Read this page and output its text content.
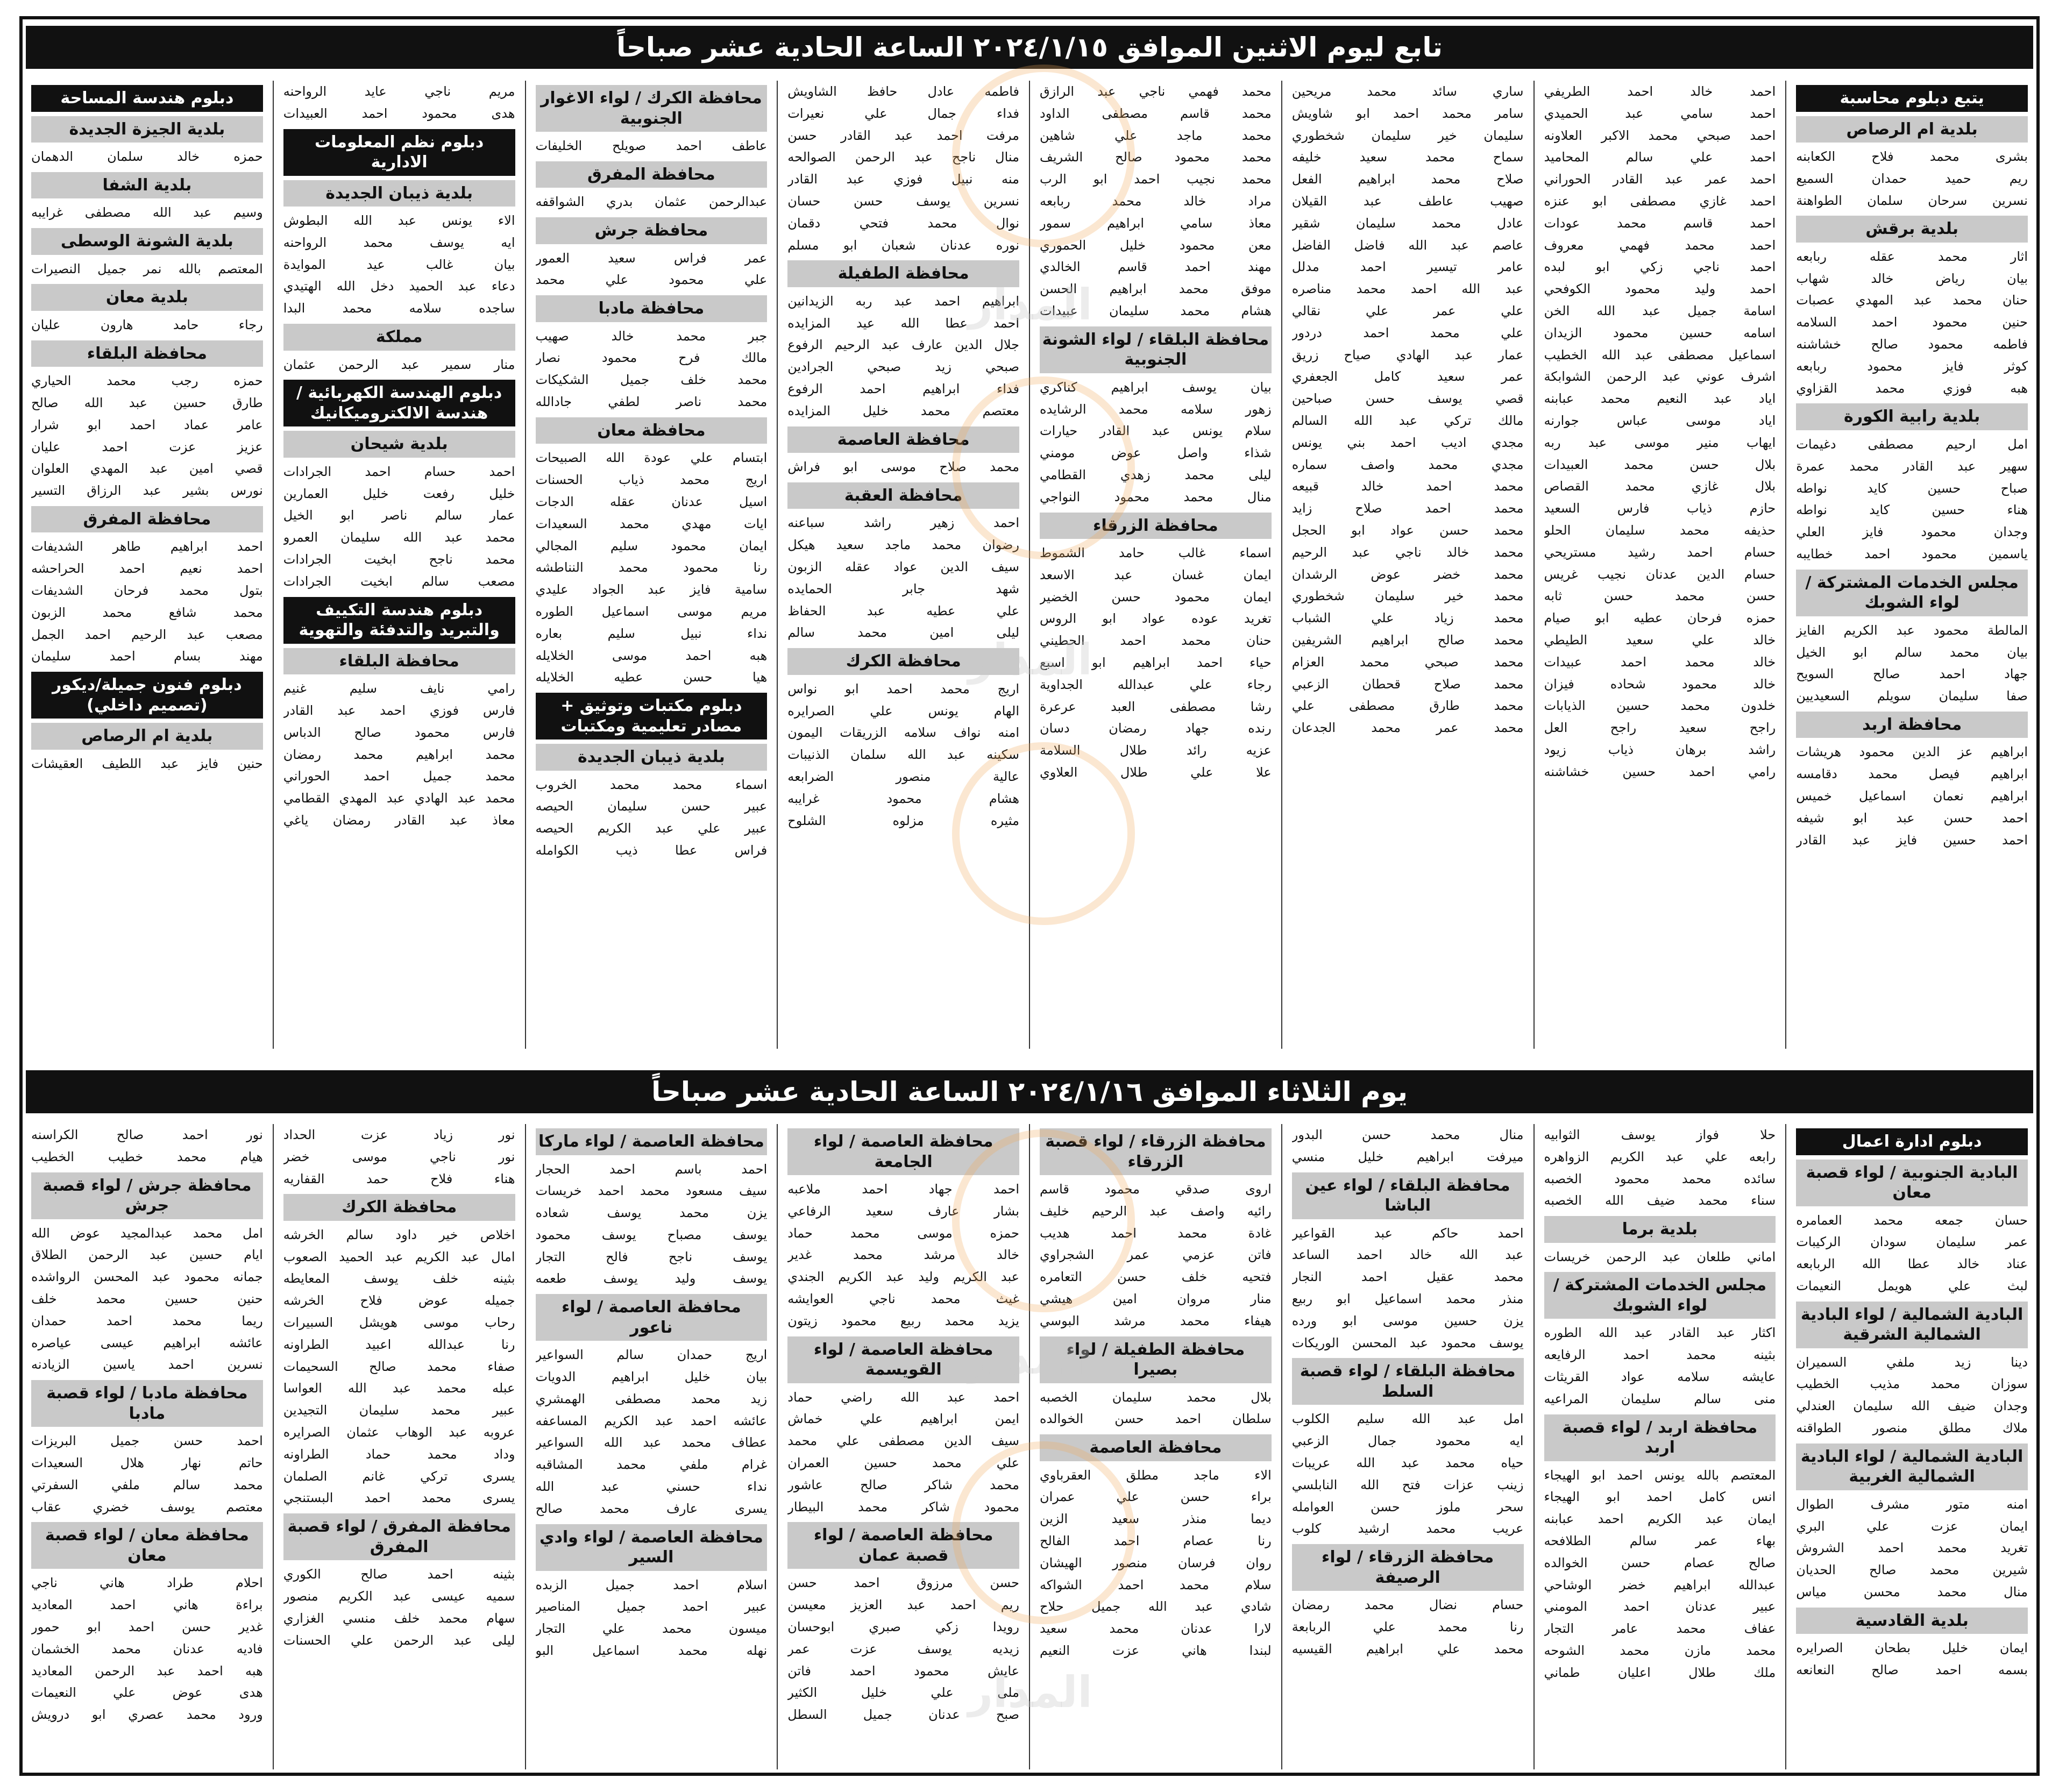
تابع ليوم الاثنين الموافق ٢٠٢٤/١/١٥ الساعة الحادية عشر صباحاً
يوم الثلاثاء الموافق ٢٠٢٤/١/١٦ الساعة الحادية عشر صباحاً
يتبع دبلوم محاسبة
بلدية ام الرصاص
بشرى محمد فلاح الكعابنه
ريم حميد حمدان السميع
نسرين سرحان سلمان الطواهنة
بلدية برقش
اثار محمد عقله ربابعه
بيان رياض خالد شهاب
حنان محمد عبد المهدي عصبات
حنين محمود احمد السلامه
فاطمه محمود صالح خشاشنه
كوثر فايز محمود ربابعه
هبه فوزي محمد القزاوي
بلدية رابية الكورة
امل ارحيم مصطفى دغيمات
سهير عبد القادر محمد عمرة
صباح حسين كايد نواطه
هناء حسين كايد نواطه
وجدان محمود فايز العلي
ياسمين محمود احمد خطايبه
مجلس الخدمات المشتركة / لواء الشوبك
المالطة محمود عبد الكريم الفايز
بيان محمد سالم ابو الخيل
جهاد احمد صالح السويح
صفا سليمان سويلم السعيديين
محافظة اربد
ابراهيم عز الدين محمود هريشات
ابراهيم فيصل محمد دقامسه
ابراهيم نعمان اسماعيل خميس
احمد حسن عبد ابو شيفه
احمد حسين فايز عبد القادر
احمد خالد احمد الطريفي
احمد سامي عبد الحميدي
احمد صبحي محمد الاكبر العلاونه
احمد علي سالم المحاميد
احمد عمر عبد القادر الحوراني
احمد غازي مصطفى ابو عنزه
احمد قاسم محمد عودات
احمد محمد فهمي معروف
احمد ناجي زكي ابو لبده
احمد وليد محمود الكوفحي
اسامة جميل عبد الله الخن
اسامه حسين محمود الزيدان
اسماعيل مصطفى عبد الله الخطيب
اشرف عوني عبد الرحمن الشوابكة
اياد عبد النعيم محمد عبابنه
اياد موسى عباس جوارنه
ايهاب منير موسى عبد ربه
بلال حسن محمد العبيدات
بلال غازي محمد القصاص
حازم ذياب فارس السعيد
حذيفه محمد سليمان الحلو
حسام احمد رشيد مستريحي
حسام الدين عدنان نجيب غريس
حسن محمد حسن ثابه
حمزه فرحان عطيه ابو صيام
خالد علي سعيد الطيطي
خالد محمد احمد عبيدات
خالد محمود شحاده فيزان
خلدون محمد حسين الذيابات
راجح سعيد راجح العل
راشد برهان ذياب زيود
رامي احمد حسين خشاشنه
ساري سائد محمد مريحين
سامر محمد احمد ابو شاويش
سليمان خير سليمان شخطوري
سماح محمد سعيد خليفه
صلاح محمد ابراهيم الفعل
صهيب عاطف عبد القيلان
عادل محمد سليمان شقير
عاصم عبد الله فاضل الفاضل
عامر تيسير احمد مدلل
عبد الله احمد محمد مناصره
علي عمر علي نقالي
علي محمد احمد دردور
عمار عبد الهادي صياح زريق
عمر سعيد كامل الجعفري
قصي يوسف حسن صباحين
مالك تركي عبد الله السالم
مجدي اديب احمد بني يونس
مجدي محمد واصف سماره
محمد احمد خالد قبيعه
محمد احمد صلاح زايد
محمد حسن عواد ابو الحجل
محمد خالد ناجي عبد الرحيم
محمد خضر عوض الرشدان
محمد خير سليمان شخطوري
محمد زياد علي الشباب
محمد صالح ابراهيم الشريفين
محمد صبحي محمد العزام
محمد صلاح قحطان الزعبي
محمد طارق مصطفى علي
محمد عمر محمد الجدعان
محمد فهمي ناجي عبد الرازق
محمد قاسم مصطفى الداود
محمد ماجد علي شاهين
محمد محمود صالح الشريف
محمد نجيب احمد ابو الرب
مراد خالد محمد ربابعه
معاذ سامي ابراهيم سمور
معن محمود خليل الحموري
مهند احمد قاسم الخالدي
موفق محمد ابراهيم الحسن
هشام محمد سليمان عبيدات
محافظة البلقاء / لواء الشونة الجنوبية
بيان يوسف ابراهيم كناكري
زهور سلامه محمد الرشايده
سلام يونس عبد القادر حيارات
شذاء واصل عوض مومني
ليلى محمد زهدي القطامي
منال محمد محمود النواجي
محافظة الزرقاء
اسماء غالب حامد الشموط
ايمان غسان عبد الاسعد
ايمان محمود حسن الخضير
تغريد عوده عواد ابو الروس
حنان محمد احمد الحطيني
حياء احمد ابراهيم ابو اسبع
رجاء علي عبدالله الجداوية
رشا مصطفى العبد عرعرة
رنده جهاد رمضان دسان
عزيه رائد طلال السلامة
علا علي طلال العلاوي
فاطمه عادل حافظ الشاويش
فداء جمال علي نعيرات
مرفت احمد عبد القادر حسن
منال ناجح عبد الرحمن الصوالحه
منه نبيل فوزي عبد القادر
نسرين يوسف حسن حسان
نوال محمد فتحي دقمان
نوره عدنان شعبان ابو مسلم
محافظة الطفيلة
ابراهيم احمد عبد ربه الزيدانين
احمد عطا الله عيد المزايده
جلال الدين عارف عبد الرحيم الرفوع
صبحي زيد صبحي الجرادين
فداء ابراهيم احمد الرفوع
معتصم محمد خليل المزايده
محافظة العاصمة
محمد صلاح موسى ابو فراش
محافظة العقبة
احمد زهير راشد سباعنه
رضوان محمد ماجد سعيد هيكل
سيف الدين عواد عقله الزبون
شهد جابر الحمايده
علي عطيه عبد الحفاظ
ليلى امين محمد سالم
محافظة الكرك
اريج محمد احمد ابو نواس
الهام يونس علي الصرايره
امنه نواف سلامه الزريقات اليمون
سكينه عبد الله سلمان الذنيبات
عالية منصور الضرابعه
هشام محمود غرايبه
مثيره مزلوه الشلوح
محافظة الكرك / لواء الاغوار الجنوبية
عاطف احمد صويلح الخليفات
محافظة المفرق
عبدالرحمن عثمان بدري الشواقفه
محافظة جرش
عمر فراس سعيد العمور
علي محمود علي محمد
محافظة مادبا
جبر محمد خالد صهيب
مالك فرح محمود نصار
محمد خلف جميل الشكيكات
محمد ناصر لطفي جادالله
محافظة معان
ابتسام علي عودة الله الصبيحات
اريج محمد ذياب الحسنات
اسيل عدنان عقله الدجات
ايات مهدي محمد السعيدات
ايمان محمود سليم المجالي
رنا محمود محمد النناطشه
سامية فايز عبد الجواد عليدي
مريم موسى اسماعيل الطوره
نداء نبيل سليم بعاره
هبه احمد موسى الخلايله
هيا حسن عطيه الخلايله
دبلوم مكتبات وتوثيق + مصادر تعليمية ومكتبات
بلدية ذيبان الجديدة
اسماء محمد محمد الخروب
عبير حسن سليمان الحيصه
عبير علي عبد الكريم الحيصه
فراس عطا ذيب الكوامله
مريم ناجي عايد الرواحنه
هدى محمود احمد العبيدات
دبلوم نظم المعلومات الادارية
بلدية ذيبان الجديدة
الاء يونس عبد الله البطوش
ايه يوسف محمد الرواحنه
بيان غالب عيد الموايدة
دعاء عبد الحميد دخل الله الهتيدي
ساجده سلامه محمد البدا
مملكة
منار سمير عبد الرحمن عثمان
دبلوم الهندسة الكهربائية / هندسة الالكتروميكانيك
بلدية شيحان
احمد حسام احمد الجرادات
خليل رفعت خليل العمارين
عمار سالم ناصر ابو الخيل
محمد عبد الله سليمان العمرو
محمد ناجح ابخيت الجرادات
مصعب سالم ابخيت الجرادات
دبلوم هندسة التكييف والتبريد والتدفئة والتهوية
محافظة البلقاء
رامي نايف سليم غنيم
فارس فوزي احمد عبد القادر
فارس محمود صالح الدباس
محمد ابراهيم محمد رمضان
محمد جميل احمد الحوراني
محمد عبد الهادي عبد المهدي القطامي
معاذ عبد القادر رمضان ياغي
دبلوم هندسة المساحة
بلدية الجيزة الجديدة
حمزه خالد سلمان الدهمان
بلدية الشفا
وسيم عبد الله مصطفى غرايبه
بلدية الشونة الوسطى
المعتصم بالله نمر جميل النصيرات
بلدية معان
رجاء حامد هارون عليان
محافظة البلقاء
حمزه رجب محمد الحياري
طارق حسين عبد الله صالح
عامر عماد احمد ابو شرار
عزيز عزت احمد عليان
قصي امين عبد المهدي العلوان
نورس بشير عبد الرزاق التسير
محافظة المفرق
احمد ابراهيم طاهر الشديفات
احمد نعيم احمد الحراحشه
بتول محمد فرحان الشديفات
محمد شافع محمد الزبون
مصعب عبد الرحيم احمد الجمل
مهند بسام احمد سليمان
دبلوم فنون جميلة/ديكور (تصميم داخلي)
بلدية ام الرصاص
حنين فايز عبد اللطيف العقيشات
دبلوم ادارة اعمال
البادية الجنوبية / لواء قصبة معان
حسان جمعه محمد العمامره
عمر سليمان سودان الركيبات
عناد خالد عطا الله الربابعه
لبث علي هويمل النعيمات
البادية الشمالية / لواء البادية الشمالية الشرقية
دينا زيد ملفي السميران
سوزان محمد مذيب الخطيب
وجدان ضيف الله سليمان العندلي
ملاك مطلق منصور الطواقنه
البادية الشمالية / لواء البادية الشمالية الغربية
امنه متور مشرف الطوال
ايمان عزت علي البري
تغريد محمد احمد الشروش
شيرين محمد صالح الحديان
منال محمد محسن مياس
بلدية القادسية
ايمان خليل بطحان الصرايره
بسمه احمد صالح النعانعه
حلا فواز يوسف الثوابيه
رابعه علي عبد الكريم الزواهره
سائده محمد محمود الخصبه
سناء محمد ضيف الله الخصبه
بلدية برما
اماني طلعان عبد الرحمن خريسات
مجلس الخدمات المشتركة / لواء الشوبك
اكثار عبد القادر عبد الله الطوره
بثينه محمد احمد الرفايعه
عايشه سلامه عواد القريثات
منى سالم سليمان المراعيه
محافظة اربد / لواء قصبة اربد
المعتصم بالله يونس احمد ابو الهيجاء
انس كامل احمد ابو الهيجاء
ايمان عبد الكريم احمد عبابنه
بهاء عمر سالم الطلافحه
صالح عصام حسن الخوالده
عبدالله ابراهيم خضر الوشاحي
عبير عدنان احمد المومني
عفاف محمد عامر التجار
محمد مازن محمد الشوحه
ملك طلال اعليان طماني
منال محمد حسن البدور
ميرفت ابراهيم خليل منسي
محافظة البلقاء / لواء عين الباشا
احمد حاكم عبد القواعير
عبد الله خالد احمد الساعد
محمد عقيل احمد النجار
منذر محمد اسماعيل ابو ربيع
يزن حسين موسى ابو ورده
يوسف محمود عبد المحسن الوريكات
محافظة البلقاء / لواء قصبة السلط
امل عبد الله سليم الكلوب
ايه محمود جمال الزعبي
حياه محمد عبد الله عريبات
زينب عزات فتح الله النابلسي
سحر ملوز حسن العوامله
عريب محمد ارشيد كلوب
محافظة الزرقاء / لواء الرصيفة
حسام نضال محمد رمضان
رنا محمد علي الربابعة
محمد علي ابراهيم القيسيه
محافظة الزرقاء / لواء قصبة الزرقاء
اروى صدقي محمود قاسم
رائيه واصف عبد الرحيم خليف
غادة محمد احمد هديب
فاتن عزمي عمر الشجراوي
فتحيه خلف حسن التعامره
منار مروان امين هيشي
هيفاء محمد مرشد البوسي
محافظة الطفيلة / لواء بصيرا
بلال محمد سليمان الخصبه
سلطان احمد حسن الخوالده
محافظة العاصمة
الاء ماجد مطلق العقرباوي
براء حسن علي عمران
ديما منذر سعيد الزين
رنا عصام احمد الفالح
روان فرسان منصور الهيشان
سلام محمد احمد الشواكه
شادي عبد الله جميل حلاح
لارا عدنان محمد سعيد
لبندا هاني عزت النعيم
محافظة العاصمة / لواء الجامعة
احمد جهاد احمد ملاعبه
بشار عارف سعيد الرفاعي
حمزه موسى محمد حماد
خالد مرشد محمد غدير
عبد الكريم وليد عبد الكريم الجندي
غيث محمد ناجي العوايشه
يزيد محمد ربيع محمود زيتون
محافظة العاصمة / لواء القويسمة
احمد عبد الله راضي حماد
ايمن ابراهيم علي خماش
سيف الدين مصطفى علي محمد
علي محمد حسين العمران
محمد شاكر صالح عاشور
محمود شاكر محمد البيطار
محافظة العاصمة / لواء قصبة عمان
حسن مرزوق احمد حسن
ريم احمد عبد العزيز معيسن
رويدا زكي صبري ابوحسان
زيديه يوسف عزت عمر
عايش محمود احمد فاتن
ملى علي خليل الكثير
صبح عدنان جميل السطل
محافظة العاصمة / لواء ماركا
احمد باسم احمد الحجار
سيف مسعود محمد احمد خريسات
يزن محمد يوسف شعاده
يوسف مصباح يوسف محمود
يوسف ناجح فالح التجار
يوسف وليد يوسف طعمه
محافظة العاصمة / لواء ناعور
اريج حمدان سالم السواعير
بيان خليل ابراهيم الدويات
زيد محمد مصطفى الهمشري
عائشه احمد عبد الكريم المساعفه
عطاف محمد عبد الله السواعير
غرام ملفي محمد المشاقبه
نداء حسني عبد الله
يسرى عارف محمد صالح
محافظة العاصمة / لواء وادي السير
اسلام احمد جميل الزبده
عبير احمد جميل المناصير
ميسون محمد علي التجار
نهله محمد اسماعيل البو
نور زياد عزت الحداد
نور ناجي موسى خضر
هناء فلاح حمد القفاريه
محافظة الكرك
اخلاص خير داود سالم الخرشه
امال عبد الكريم عبد الحميد الصعوب
بثينه خلف يوسف المعايطه
جميله عوض فلاح الخرشه
رحاب موسى هويشل السبيرات
رنا عبدالله اعبيد الطراونه
صفاء محمد صالح السحيمات
عبله محمد عبد الله العواسا
عبير محمد سليمان التجيدين
عروبه عبد الوهاب عثمان الصرايره
وداد محمد حماد الطراونه
يسرى تركي غانم الصلمان
يسرى محمد احمد البستنجي
محافظة المفرق / لواء قصبة المفرق
بثينه احمد صالح الكوري
سميه عيسى عبد الكريم منصور
سهام محمد خلف منسي الغزاري
ليلى عبد الرحمن علي الحسنات
نور احمد صالح الكراسنه
هيام محمد خطيب الخطيب
محافظة جرش / لواء قصبة جرش
امل محمد عبدالمجيد عوض الله
ايام حسين عبد الرحمن الطلاق
جمانه محمود عبد المحسن الرواشده
حنين حسين محمد خلف
ريما محمد احمد حمدان
عائشه ابراهيم عيسى عياصره
نسرين احمد ياسين الزيادنه
محافظة مادبا / لواء قصبة مادبا
احمد حسن جميل البريزات
حاتم نهار هلال السعيدات
محمد سالم ملفي السفرتي
معتصم يوسف خضري عقاب
محافظة معان / لواء قصبة معان
احلام طراد هاني ناجي
براءة هاني احمد المعاديد
غدير حسن احمد ابو حمور
فاديه عدنان محمد الخشمان
هبه احمد عبد الرحمن المعاديد
هدى عوض علي النعيمات
ورود محمد عصري ابو درويش
المدار
المدار
المدار
المدار
